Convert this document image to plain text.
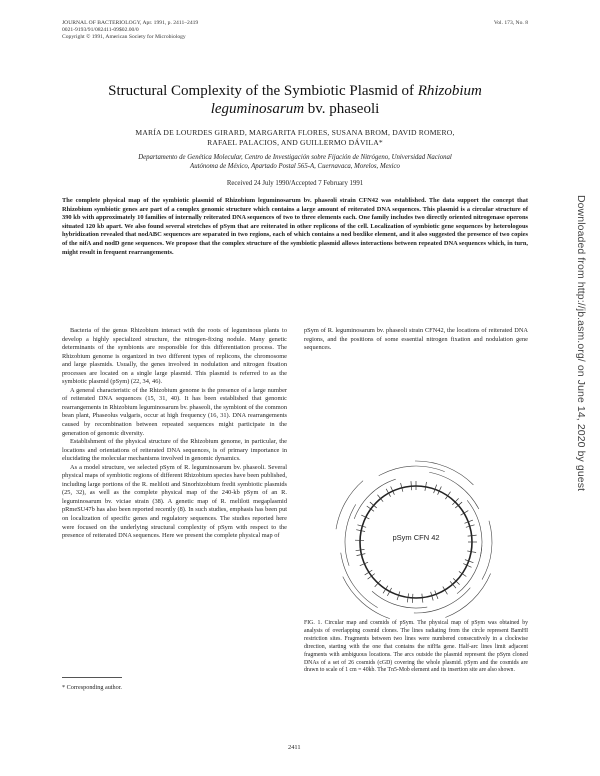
JOURNAL OF BACTERIOLOGY, Apr. 1991, p. 2411–2419
0021-9193/91/082411-09$02.00/0
Copyright © 1991, American Society for Microbiology
Vol. 173, No. 8
Structural Complexity of the Symbiotic Plasmid of Rhizobium
leguminosarum bv. phaseoli
MARÍA DE LOURDES GIRARD, MARGARITA FLORES, SUSANA BROM, DAVID ROMERO,
RAFAEL PALACIOS, AND GUILLERMO DÁVILA*
Departamento de Genética Molecular, Centro de Investigación sobre Fijación de Nitrógeno, Universidad Nacional
Autónoma de México, Apartado Postal 565-A, Cuernavaca, Morelos, Mexico
Received 24 July 1990/Accepted 7 February 1991
The complete physical map of the symbiotic plasmid of Rhizobium leguminosarum bv. phaseoli strain CFN42 was established. The data support the concept that Rhizobium symbiotic genes are part of a complex genomic structure which contains a large amount of reiterated DNA sequences. This plasmid is a circular structure of 390 kb with approximately 10 families of internally reiterated DNA sequences of two to three elements each. One family includes two directly oriented nitrogenase operons situated 120 kb apart. We also found several stretches of pSym that are reiterated in other replicons of the cell. Localization of symbiotic gene sequences by heterologous hybridization revealed that nodABC sequences are separated in two regions, each of which contains a nod boxlike element, and it also suggested the presence of two copies of the nifA and nodD gene sequences. We propose that the complex structure of the symbiotic plasmid allows interactions between repeated DNA sequences which, in turn, might result in frequent rearrangements.

Bacteria of the genus Rhizobium interact with the roots of leguminous plants to develop a highly specialized structure, the nitrogen-fixing nodule. Many genetic determinants of the symbionts are responsible for this differentiation process. The Rhizobium genome is organized in two different types of replicons, the chromosome and large plasmids. Usually, the genes involved in nodulation and nitrogen fixation processes are located on a single large plasmid. This plasmid is referred to as the symbiotic plasmid (pSym) (22, 34, 46).

A general characteristic of the Rhizobium genome is the presence of a large number of reiterated DNA sequences (15, 31, 40). It has been established that genomic rearrangements in Rhizobium leguminosarum bv. phaseoli, the symbiont of the common bean plant, Phaseolus vulgaris, occur at high frequency (16, 31). DNA rearrangements caused by recombination between repeated sequences might participate in the generation of genomic diversity.

Establishment of the physical structure of the Rhizobium genome, in particular, the locations and orientations of reiterated DNA sequences, is of primary importance in elucidating the molecular mechanisms involved in genomic dynamics.

As a model structure, we selected pSym of R. leguminosarum bv. phaseoli. Several physical maps of symbiotic regions of different Rhizobium species have been published, including large portions of the R. meliloti and Sinorhizobium fredii symbiotic plasmids (25, 32), as well as the complete physical map of the 240-kb pSym of an R. leguminosarum bv. viciae strain (38). A genetic map of R. meliloti megaplasmid pRmeSU47b has also been reported recently (8). In such studies, emphasis has been put on localization of specific genes and regulatory sequences. The studies reported here were focused on the underlying structural complexity of pSym with respect to the presence of reiterated DNA sequences. Here we present the complete physical map of

pSym of R. leguminosarum bv. phaseoli strain CFN42, the locations of reiterated DNA regions, and the positions of some essential nitrogen fixation and nodulation gene sequences.

pSym CFN 42
FIG. 1. Circular map and cosmids of pSym. The physical map of pSym was obtained by analysis of overlapping cosmid clones. The lines radiating from the circle represent BamHI restriction sites. Fragments between two lines were numbered consecutively in a clockwise direction, starting with the one that contains the nifHa gene. Half-arc lines limit adjacent fragments with ambiguous locations. The arcs outside the plasmid represent the pSym cloned DNAs of a set of 26 cosmids (cGD) covering the whole plasmid. pSym and the cosmids are drawn to scale of 1 cm = 40kb. The Tn5-Mob element and its insertion site are also shown.
* Corresponding author.
2411
Downloaded from http://jb.asm.org/ on June 14, 2020 by guest
